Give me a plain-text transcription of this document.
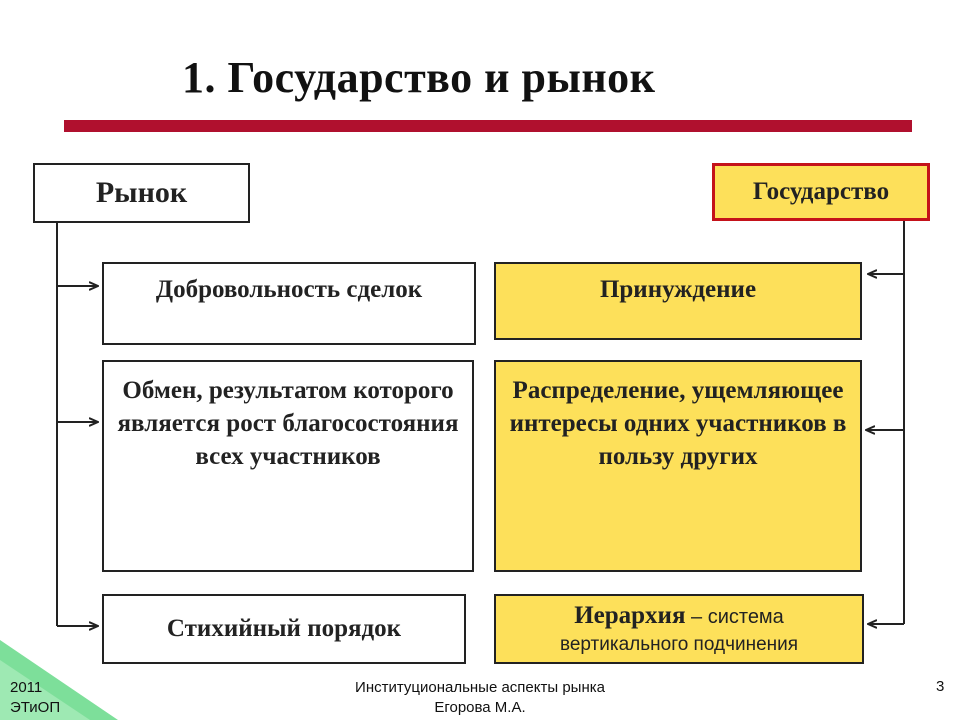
1. Государство и рынок
Рынок
Добровольность сделок
Обмен, результатом которого является рост благосостояния всех участников
Стихийный порядок
Государство
Принуждение
Распределение, ущемляющее интересы одних участников в пользу других
Иерархия – система
вертикального подчинения
Институциональные аспекты рынка
Егорова М.А.
3
2011
ЭТиОП
